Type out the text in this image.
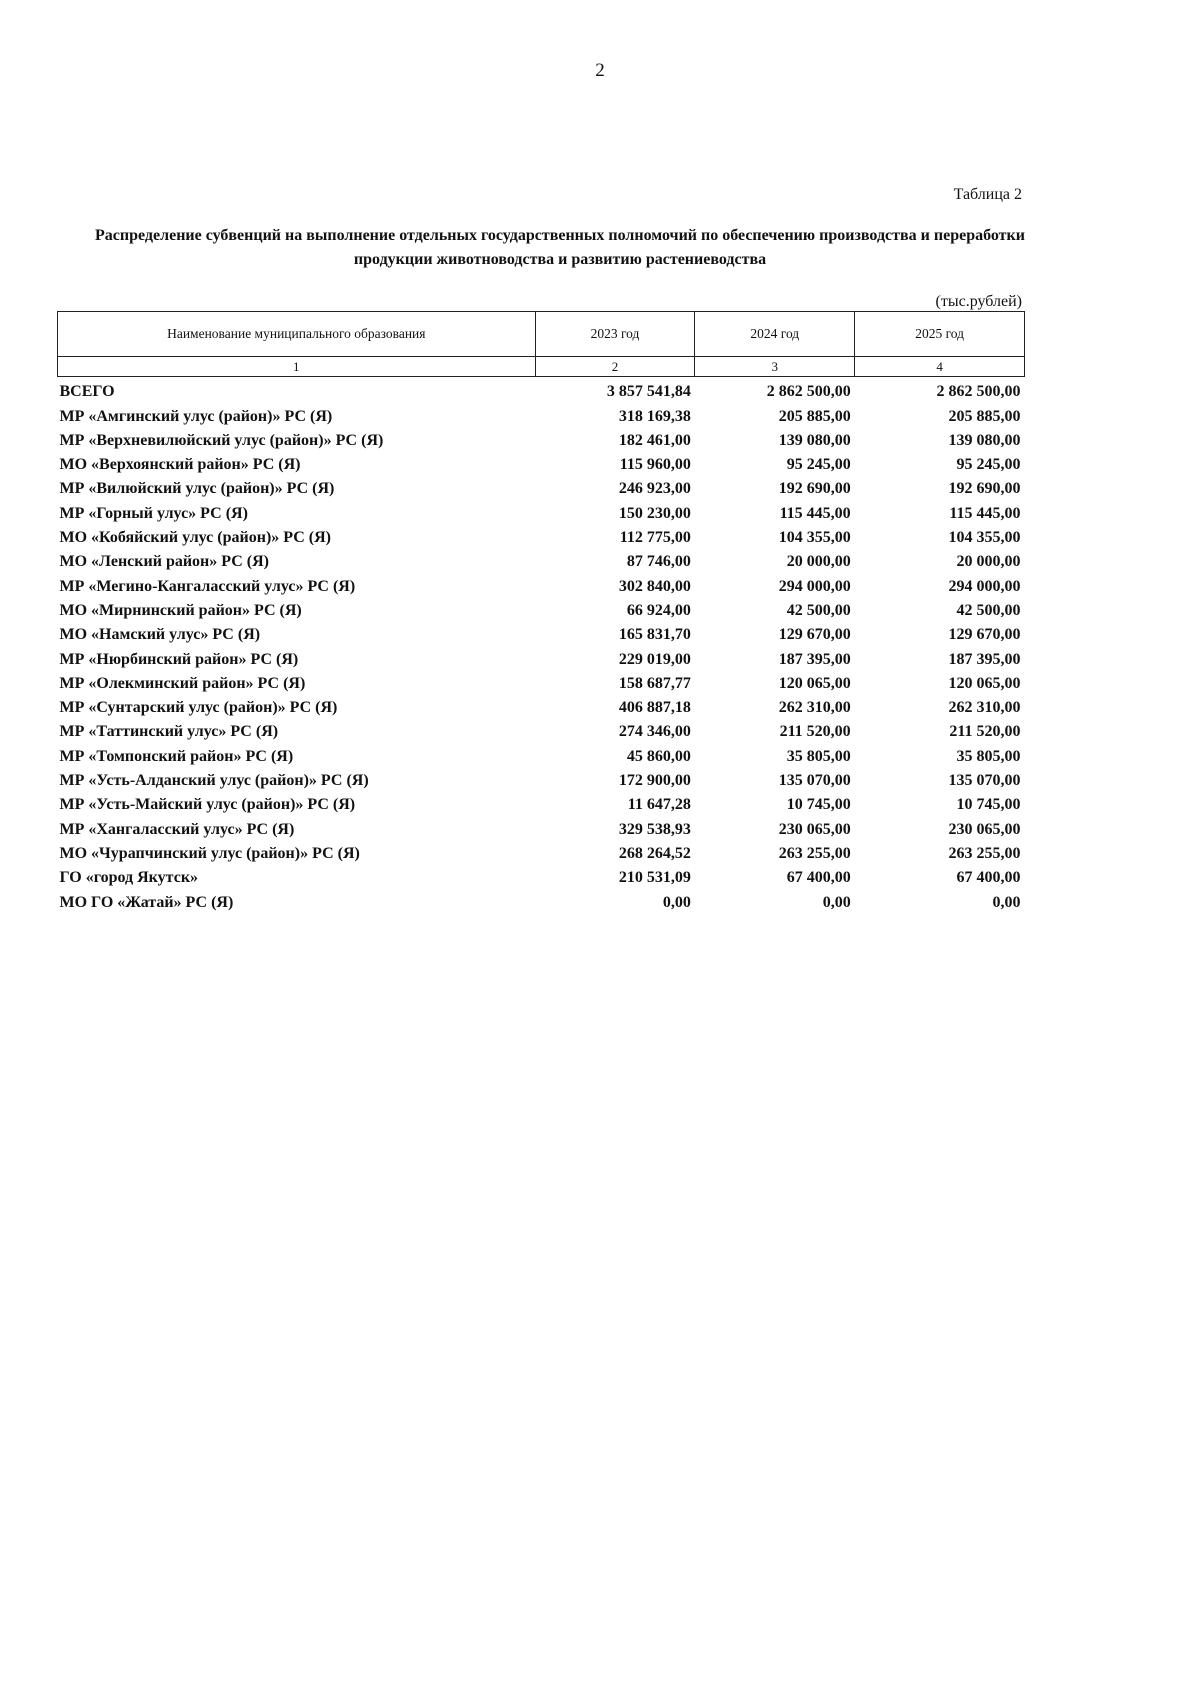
2
Таблица 2
Распределение субвенций на выполнение отдельных государственных полномочий по обеспечению производства и переработки продукции животноводства и развитию растениеводства
(тыс.рублей)
Наименование муниципального образования	2023 год	2024 год	2025 год
1	2	3	4
ВСЕГО	3 857 541,84	2 862 500,00	2 862 500,00
МР «Амгинский улус (район)» РС (Я)	318 169,38	205 885,00	205 885,00
МР «Верхневилюйский улус (район)» РС (Я)	182 461,00	139 080,00	139 080,00
МО «Верхоянский район» РС (Я)	115 960,00	95 245,00	95 245,00
МР «Вилюйский улус (район)» РС (Я)	246 923,00	192 690,00	192 690,00
МР «Горный улус» РС (Я)	150 230,00	115 445,00	115 445,00
МО «Кобяйский улус (район)» РС (Я)	112 775,00	104 355,00	104 355,00
МО «Ленский район» РС (Я)	87 746,00	20 000,00	20 000,00
МР «Мегино-Кангаласский улус» РС (Я)	302 840,00	294 000,00	294 000,00
МО «Мирнинский район» РС (Я)	66 924,00	42 500,00	42 500,00
МО «Намский улус» РС (Я)	165 831,70	129 670,00	129 670,00
МР «Нюрбинский район» РС (Я)	229 019,00	187 395,00	187 395,00
МР «Олекминский район» РС (Я)	158 687,77	120 065,00	120 065,00
МР «Сунтарский улус (район)» РС (Я)	406 887,18	262 310,00	262 310,00
МР «Таттинский улус» РС (Я)	274 346,00	211 520,00	211 520,00
МР «Томпонский район» РС (Я)	45 860,00	35 805,00	35 805,00
МР «Усть-Алданский улус (район)» РС (Я)	172 900,00	135 070,00	135 070,00
МР «Усть-Майский улус (район)» РС (Я)	11 647,28	10 745,00	10 745,00
МР «Хангаласский улус» РС (Я)	329 538,93	230 065,00	230 065,00
МО «Чурапчинский улус (район)» РС (Я)	268 264,52	263 255,00	263 255,00
ГО «город Якутск»	210 531,09	67 400,00	67 400,00
МО ГО «Жатай» РС (Я)	0,00	0,00	0,00
